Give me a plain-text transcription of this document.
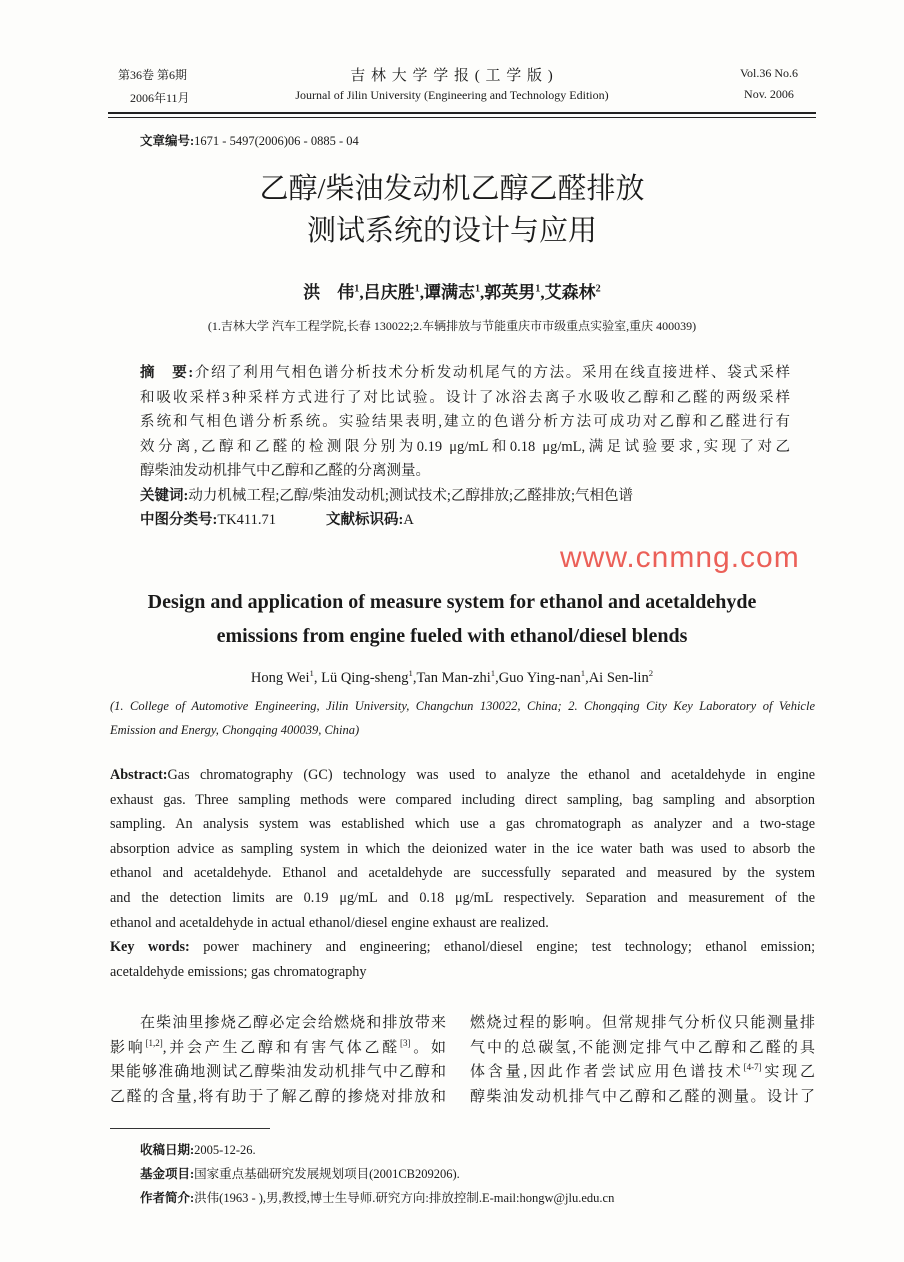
第36卷 第6期
2006年11月
吉 林 大 学 学 报 ( 工 学 版 )
Journal of Jilin University (Engineering and Technology Edition)
Vol.36 No.6
Nov. 2006
文章编号:1671 - 5497(2006)06 - 0885 - 04
乙醇/柴油发动机乙醇乙醛排放
测试系统的设计与应用
洪　伟$^1$,吕庆胜$^1$,谭满志$^1$,郭英男$^1$,艾森林$^2$
(1.吉林大学 汽车工程学院,长春 130022;2.车辆排放与节能重庆市市级重点实验室,重庆 400039)
摘　要:介绍了利用气相色谱分析技术分析发动机尾气的方法。采用在线直接进样、袋式采样
和吸收采样3种采样方式进行了对比试验。设计了冰浴去离子水吸收乙醇和乙醛的两级采样
系统和气相色谱分析系统。实验结果表明,建立的色谱分析方法可成功对乙醇和乙醛进行有
效分离,乙醇和乙醛的检测限分别为0.19 μg/mL和0.18 μg/mL,满足试验要求,实现了对乙
醇柴油发动机排气中乙醇和乙醛的分离测量。
关键词:动力机械工程;乙醇/柴油发动机;测试技术;乙醇排放;乙醛排放;气相色谱
中图分类号:TK411.71	文献标识码:A
Design and application of measure system for ethanol and acetaldehyde
emissions from engine fueled with ethanol/diesel blends
Hong Wei$^1$, Lü Qing-sheng$^1$,Tan Man-zhi$^1$,Guo Ying-nan$^1$,Ai Sen-lin$^2$
(1. College of Automotive Engineering, Jilin University, Changchun 130022, China; 2. Chongqing City Key Laboratory of Vehicle
Emission and Energy, Chongqing 400039, China)
Abstract:Gas chromatography (GC) technology was used to analyze the ethanol and acetaldehyde in engine
exhaust gas. Three sampling methods were compared including direct sampling, bag sampling and absorption
sampling. An analysis system was established which use a gas chromatograph as analyzer and a two-stage
absorption advice as sampling system in which the deionized water in the ice water bath was used to absorb the
ethanol and acetaldehyde. Ethanol and acetaldehyde are successfully separated and measured by the system
and the detection limits are 0.19 μg/mL and 0.18 μg/mL respectively. Separation and measurement of the
ethanol and acetaldehyde in actual ethanol/diesel engine exhaust are realized.
Key words: power machinery and engineering; ethanol/diesel engine; test technology; ethanol emission;
acetaldehyde emissions; gas chromatography
在柴油里掺烧乙醇必定会给燃烧和排放带来
影响[1,2],并会产生乙醇和有害气体乙醛[3]。如
果能够准确地测试乙醇柴油发动机排气中乙醇和
乙醛的含量,将有助于了解乙醇的掺烧对排放和
燃烧过程的影响。但常规排气分析仪只能测量排
气中的总碳氢,不能测定排气中乙醇和乙醛的具
体含量,因此作者尝试应用色谱技术[4-7]实现乙
醇柴油发动机排气中乙醇和乙醛的测量。设计了
收稿日期:2005-12-26.
基金项目:国家重点基础研究发展规划项目(2001CB209206).
作者简介:洪伟(1963 - ),男,教授,博士生导师.研究方向:排放控制.E-mail:hongw@jlu.edu.cn
www.cnmng.com
